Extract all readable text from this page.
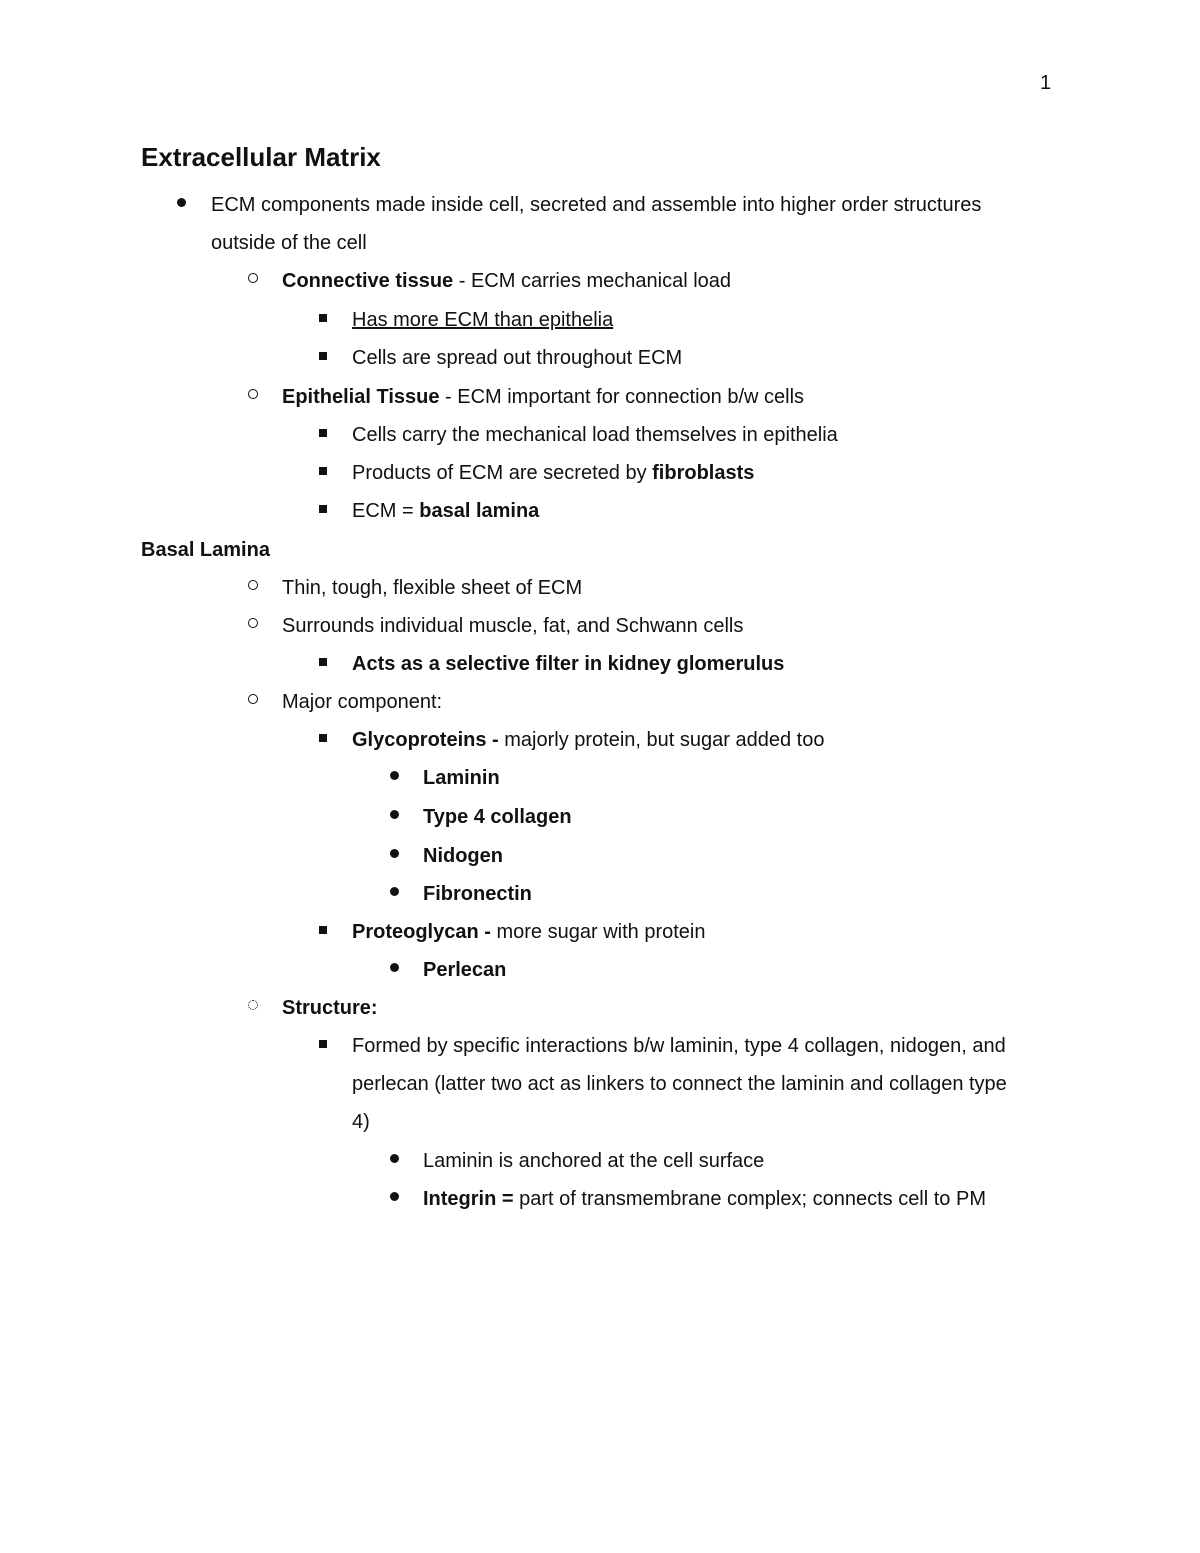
1
Extracellular Matrix
ECM components made inside cell, secreted and assemble into higher order structures
outside of the cell
Connective tissue - ECM carries mechanical load
Has more ECM than epithelia
Cells are spread out throughout ECM
Epithelial Tissue - ECM important for connection b/w cells
Cells carry the mechanical load themselves in epithelia
Products of ECM are secreted by fibroblasts
ECM = basal lamina
Basal Lamina
Thin, tough, flexible sheet of ECM
Surrounds individual muscle, fat, and Schwann cells
Acts as a selective filter in kidney glomerulus
Major component:
Glycoproteins - majorly protein, but sugar added too
Laminin
Type 4 collagen
Nidogen
Fibronectin
Proteoglycan - more sugar with protein
Perlecan
Structure:
Formed by specific interactions b/w laminin, type 4 collagen, nidogen, and
perlecan (latter two act as linkers to connect the laminin and collagen type
4)
Laminin is anchored at the cell surface
Integrin = part of transmembrane complex; connects cell to PM
